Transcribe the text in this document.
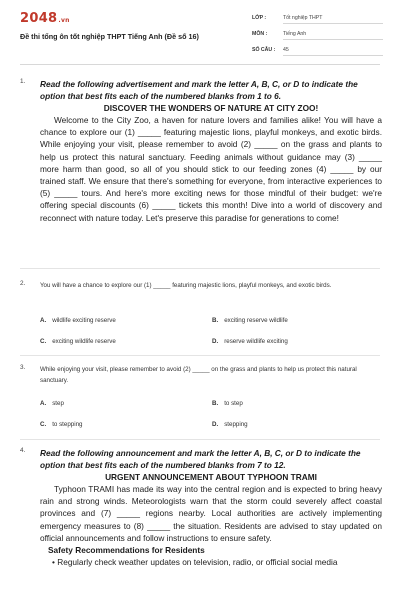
2048.vn
Đề thi tổng ôn tốt nghiệp THPT Tiếng Anh (Đề số 16)
LỚP :	Tốt nghiệp THPT
MÔN :	Tiếng Anh
SỐ CÂU :	45
1. Read the following advertisement and mark the letter A, B, C, or D to indicate the option that best fits each of the numbered blanks from 1 to 6.
DISCOVER THE WONDERS OF NATURE AT CITY ZOO!

Welcome to the City Zoo, a haven for nature lovers and families alike! You will have a chance to explore our (1) _____ featuring majestic lions, playful monkeys, and exotic birds. While enjoying your visit, please remember to avoid (2) _____ on the grass and plants to help us protect this natural sanctuary. Feeding animals without guidance may (3) _____ more harm than good, so all of you should stick to our feeding zones (4) _____ by our trained staff. We ensure that there's something for everyone, from interactive experiences to (5) _____ tours. And here's more exciting news for those mindful of their budget: we're offering special discounts (6) _____ tickets this month! Dive into a world of discovery and reconnect with nature today. Let's preserve this paradise for generations to come!

2. You will have a chance to explore our (1) _____ featuring majestic lions, playful monkeys, and exotic birds.
A. wildlife exciting reserve	B. exciting reserve wildlife
C. exciting wildlife reserve	D. reserve wildlife exciting
3. While enjoying your visit, please remember to avoid (2) _____ on the grass and plants to help us protect this natural sanctuary.
A. step	B. to step
C. to stepping	D. stepping
4. Read the following announcement and mark the letter A, B, C, or D to indicate the option that best fits each of the numbered blanks from 7 to 12.
URGENT ANNOUNCEMENT ABOUT TYPHOON TRAMI

Typhoon TRAMI has made its way into the central region and is expected to bring heavy rain and strong winds. Meteorologists warn that the storm could severely affect coastal provinces and (7) _____ regions nearby. Local authorities are actively implementing emergency measures to (8) _____ the situation. Residents are advised to stay updated on official announcements and follow instructions to ensure safety.

Safety Recommendations for Residents
• Regularly check weather updates on television, radio, or official social media
